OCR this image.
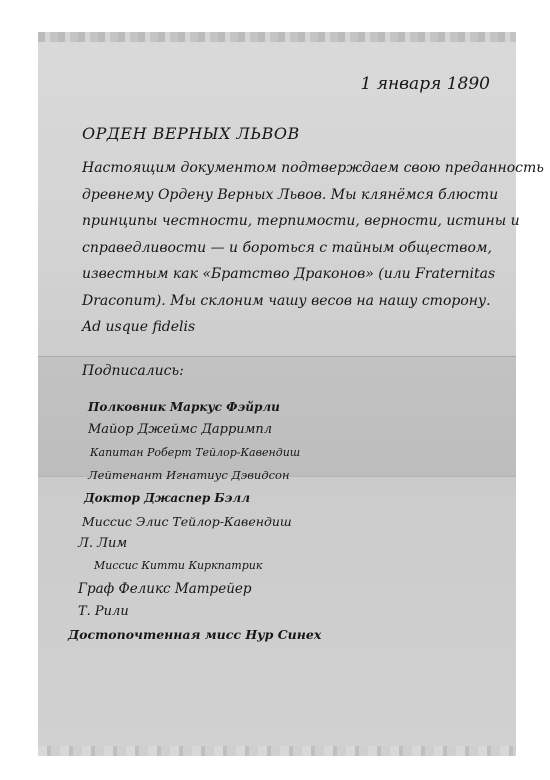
1 января 1890
ОРДЕН ВЕРНЫХ ЛЬВОВ
Настоящим документом подтверждаем свою преданность
древнему Ордену Верных Львов. Мы клянёмся блюсти
принципы честности, терпимости, верности, истины и
справедливости — и бороться с тайным обществом,
известным как «Братство Драконов» (или Fraternitas
Draconum). Мы склоним чашу весов на нашу сторону.
Ad usque fidelis
Подписались:
Полковник Маркус Фэйрли
Майор Джеймс Дарримпл
Капитан Роберт Тейлор-Кавендиш
Лейтенант Игнатиус Дэвидсон
Доктор Джаспер Бэлл
Миссис Элис Тейлор-Кавендиш
Л. Лим
Миссис Китти Киркпатрик
Граф Феликс Матрейер
Т. Рили
Достопочтенная мисс Нур Синех
